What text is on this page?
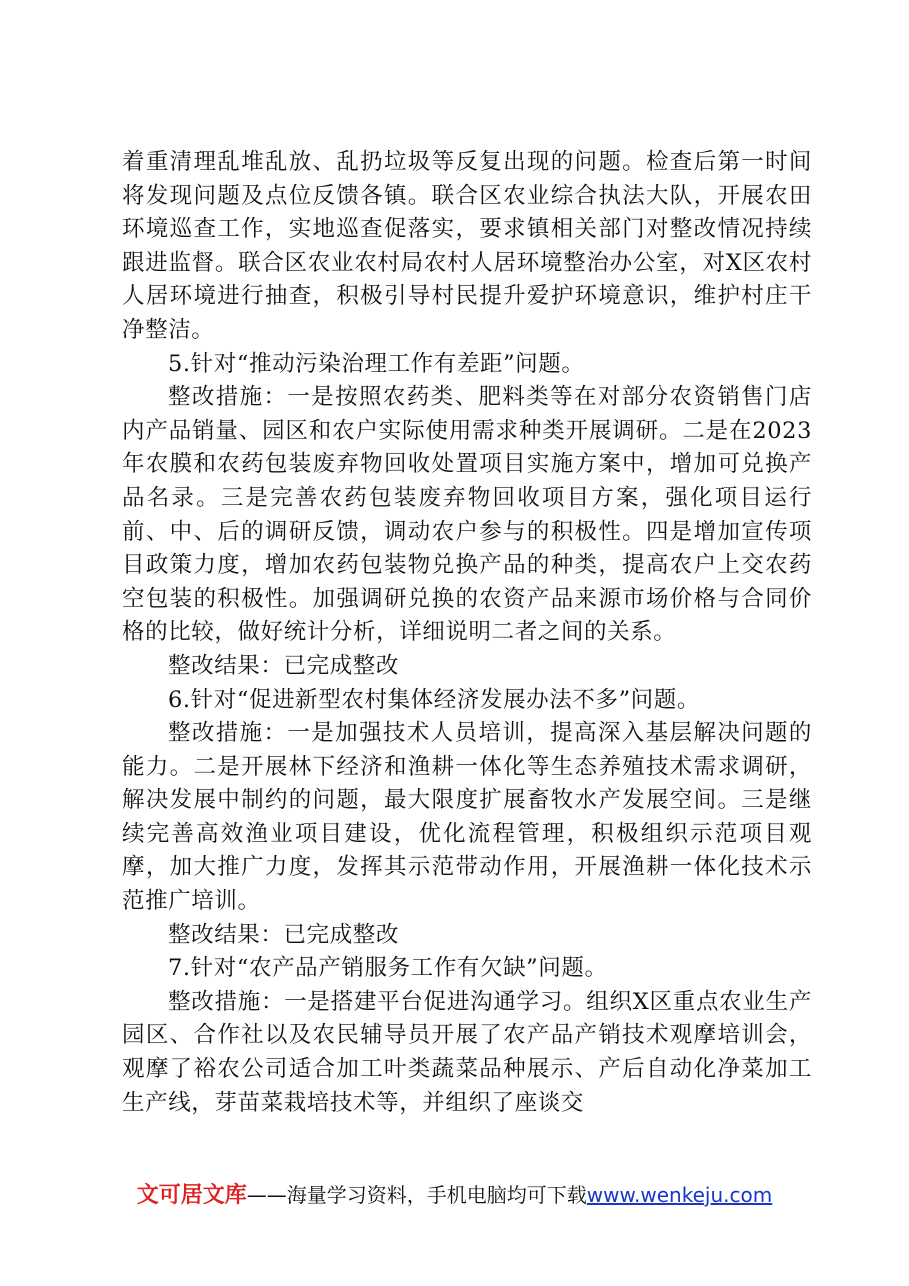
着重清理乱堆乱放、乱扔垃圾等反复出现的问题。检查后第一时间将发现问题及点位反馈各镇。联合区农业综合执法大队，开展农田环境巡查工作，实地巡查促落实，要求镇相关部门对整改情况持续跟进监督。联合区农业农村局农村人居环境整治办公室，对X区农村人居环境进行抽查，积极引导村民提升爱护环境意识，维护村庄干净整洁。

5.针对“推动污染治理工作有差距”问题。

整改措施：一是按照农药类、肥料类等在对部分农资销售门店内产品销量、园区和农户实际使用需求种类开展调研。二是在2023年农膜和农药包装废弃物回收处置项目实施方案中，增加可兑换产品名录。三是完善农药包装废弃物回收项目方案，强化项目运行前、中、后的调研反馈，调动农户参与的积极性。四是增加宣传项目政策力度，增加农药包装物兑换产品的种类，提高农户上交农药空包装的积极性。加强调研兑换的农资产品来源市场价格与合同价格的比较，做好统计分析，详细说明二者之间的关系。

整改结果：已完成整改

6.针对“促进新型农村集体经济发展办法不多”问题。

整改措施：一是加强技术人员培训，提高深入基层解决问题的能力。二是开展林下经济和渔耕一体化等生态养殖技术需求调研，解决发展中制约的问题，最大限度扩展畜牧水产发展空间。三是继续完善高效渔业项目建设，优化流程管理，积极组织示范项目观摩，加大推广力度，发挥其示范带动作用，开展渔耕一体化技术示范推广培训。

整改结果：已完成整改

7.针对“农产品产销服务工作有欠缺”问题。

整改措施：一是搭建平台促进沟通学习。组织X区重点农业生产园区、合作社以及农民辅导员开展了农产品产销技术观摩培训会，观摩了裕农公司适合加工叶类蔬菜品种展示、产后自动化净菜加工生产线，芽苗菜栽培技术等，并组织了座谈交

文可居文库——海量学习资料，手机电脑均可下载www.wenkeju.com
